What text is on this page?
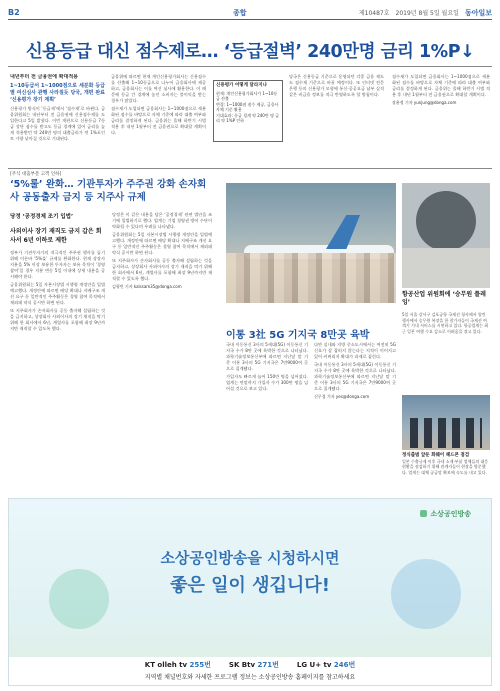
B2	종합	제10487호 2019년 8월 5일 월요일 동아일보
신용등급 대신 점수제로… ‘등급절벽’ 240만명 금리 1%P↓

내년부터 전 금융권에 확대적용

1~10등급서 1~1000점으로 세분화 등급별 여신심사 관행 사라질듯 당국, 개편 완료 ‘신용평가 장기 계획’

신용평가 방식이 ‘등급제’에서 ‘점수제’로 바뀐다. 금융위원회는 내년부터 전 금융권에 신용점수제를 도입한다고 5일 밝혔다. 이번 개편으로 신용등급 7등급 상단 점수를 받고도 등급 경계에 있어 금리를 높게 적용받던 약 240만 명의 대출금리가 연 1%포인트 가량 낮아질 것으로 기대된다.

금융위에 따르면 현재 개인신용평가회사는 신용점수를 산출해 1~10등급으로 나누어 금융회사에 제공하고, 금융회사는 이를 여신 심사에 활용한다. 이 때문에 등급 간 경계에 놓인 소비자는 불이익을 받는 경우가 많았다.

점수제가 도입되면 금융회사는 1~1000점으로 세분화된 점수를 바탕으로 자체 기준에 따라 대출 여부와 금리를 결정하게 된다. 금융위는 올해 하반기 시범 적용 후 내년 1월부터 전 금융권으로 확대할 계획이다.

신용평가 어떻게 달라지나
현재: 개인신용평가회사가 1~10등급 산출
변경: 1~1000점 점수 제공, 금융사 자체 기준 활용
기대효과: 등급 경계 약 240만 명 금리 약 1%P 인하

당국은 신용등급 기준으로 운영되던 각종 금융 제도도 점수제 기준으로 바꿀 예정이다. 또 인터넷 전문은행 등의 신용평가 모형에 통신·공공요금 납부 실적 같은 비금융 정보를 적극 반영하도록 할 방침이다.

점수제가 도입되면 금융회사는 1~1000점으로 세분화된 점수를 바탕으로 자체 기준에 따라 대출 여부와 금리를 결정하게 된다. 금융위는 올해 하반기 시범 적용 후 내년 1월부터 전 금융권으로 확대할 계획이다.

장윤정 기자 yunjung@donga.com

[주식 대출부문 고객 인하]
‘5%룰’ 완화… 기관투자가 주주권 강화 손자회사 공동출자 금지 등 지주사 규제
당정 ‘공정경제 조기 입법’
사외이사 장기 재직도 금지 갑은 회사서 6년 이하로 제한

정부가 기관투자가의 적극적인 주주권 행사를 돕기 위해 이른바 ‘5%룰’ 규제를 완화한다. 현재 상장사 지분을 5% 이상 보유한 투자자는 보유 목적이 ‘경영 참여’일 경우 지분 변동 5일 이내에 상세 내용을 공시해야 한다.

금융위원회는 5일 자본시장법 시행령 개정안을 입법예고했다. 개정안에 따르면 배당 확대나 지배구조 개선 요구 등 일반적인 주주활동은 경영 참여 목적에서 제외돼 약식 공시만 하면 된다.

또 지주회사가 손자회사를 공동 출자해 설립하는 것을 금지하고, 상장회사 사외이사의 장기 재직을 막기 위해 한 회사에서 6년, 계열사를 포함해 최장 9년까지만 재직할 수 있도록 했다.

당정은 이 같은 내용을 담은 ‘공정경제’ 관련 법안을 조기에 입법하기로 했다. 업계는 기업 경영권 방어 수단이 약화될 수 있다며 우려를 나타냈다.

금융위원회는 5일 자본시장법 시행령 개정안을 입법예고했다. 개정안에 따르면 배당 확대나 지배구조 개선 요구 등 일반적인 주주활동은 경영 참여 목적에서 제외돼 약식 공시만 하면 된다.

또 지주회사가 손자회사를 공동 출자해 설립하는 것을 금지하고, 상장회사 사외이사의 장기 재직을 막기 위해 한 회사에서 6년, 계열사를 포함해 최장 9년까지만 재직할 수 있도록 했다.

김형민 기자 kalssam35@donga.com

항공산업 위원회에 ‘승무원 플레잉’
5일 서울 강서구 김포공항 국제선 청사에서 열린 행사에서 승무원 복장을 한 참가자들이 국제선 여객기 기내 서비스를 시연하고 있다. 항공업계는 최근 일본 여행 수요 감소로 어려움을 겪고 있다.
이통 3社 5G 기지국 8만곳 육박

국내 이동통신 3사의 5세대(5G) 이동통신 기지국 수가 8만 곳에 육박한 것으로 나타났다. 과학기술정보통신부에 따르면 지난달 말 기준 이통 3사의 5G 기지국은 7만9000여 곳으로 집계됐다.

가입자도 빠르게 늘어 150만 명을 넘어섰다. 업계는 연말까지 가입자 수가 300만 명을 넘어설 것으로 보고 있다.

다만 실내와 지방 중소도시에서는 여전히 5G 신호가 잘 잡히지 않는다는 지적이 이어지고 있어 커버리지 확대가 과제로 꼽힌다.

국내 이동통신 3사의 5세대(5G) 이동통신 기지국 수가 8만 곳에 육박한 것으로 나타났다. 과학기술정보통신부에 따르면 지난달 말 기준 이통 3사의 5G 기지국은 7만9000여 곳으로 집계됐다.

신무경 기자 yes@donga.com

정식출범 앞둔 화웨이 헤드폰 점검
일본 수출규제 이후 국내 소재·부품 업체들의 대응 현황을 점검하기 위해 관계자들이 현장을 방문했다. 업계는 대체 공급망 확보에 속도를 내고 있다.
소상공인방송
소상공인방송을 시청하시면
좋은 일이 생깁니다!
KT olleh tv 255번	SK Btv 271번	LG U+ tv 246번
지역별 채널번호와 자세한 프로그램 정보는 소상공인방송 홈페이지를 참고하세요
